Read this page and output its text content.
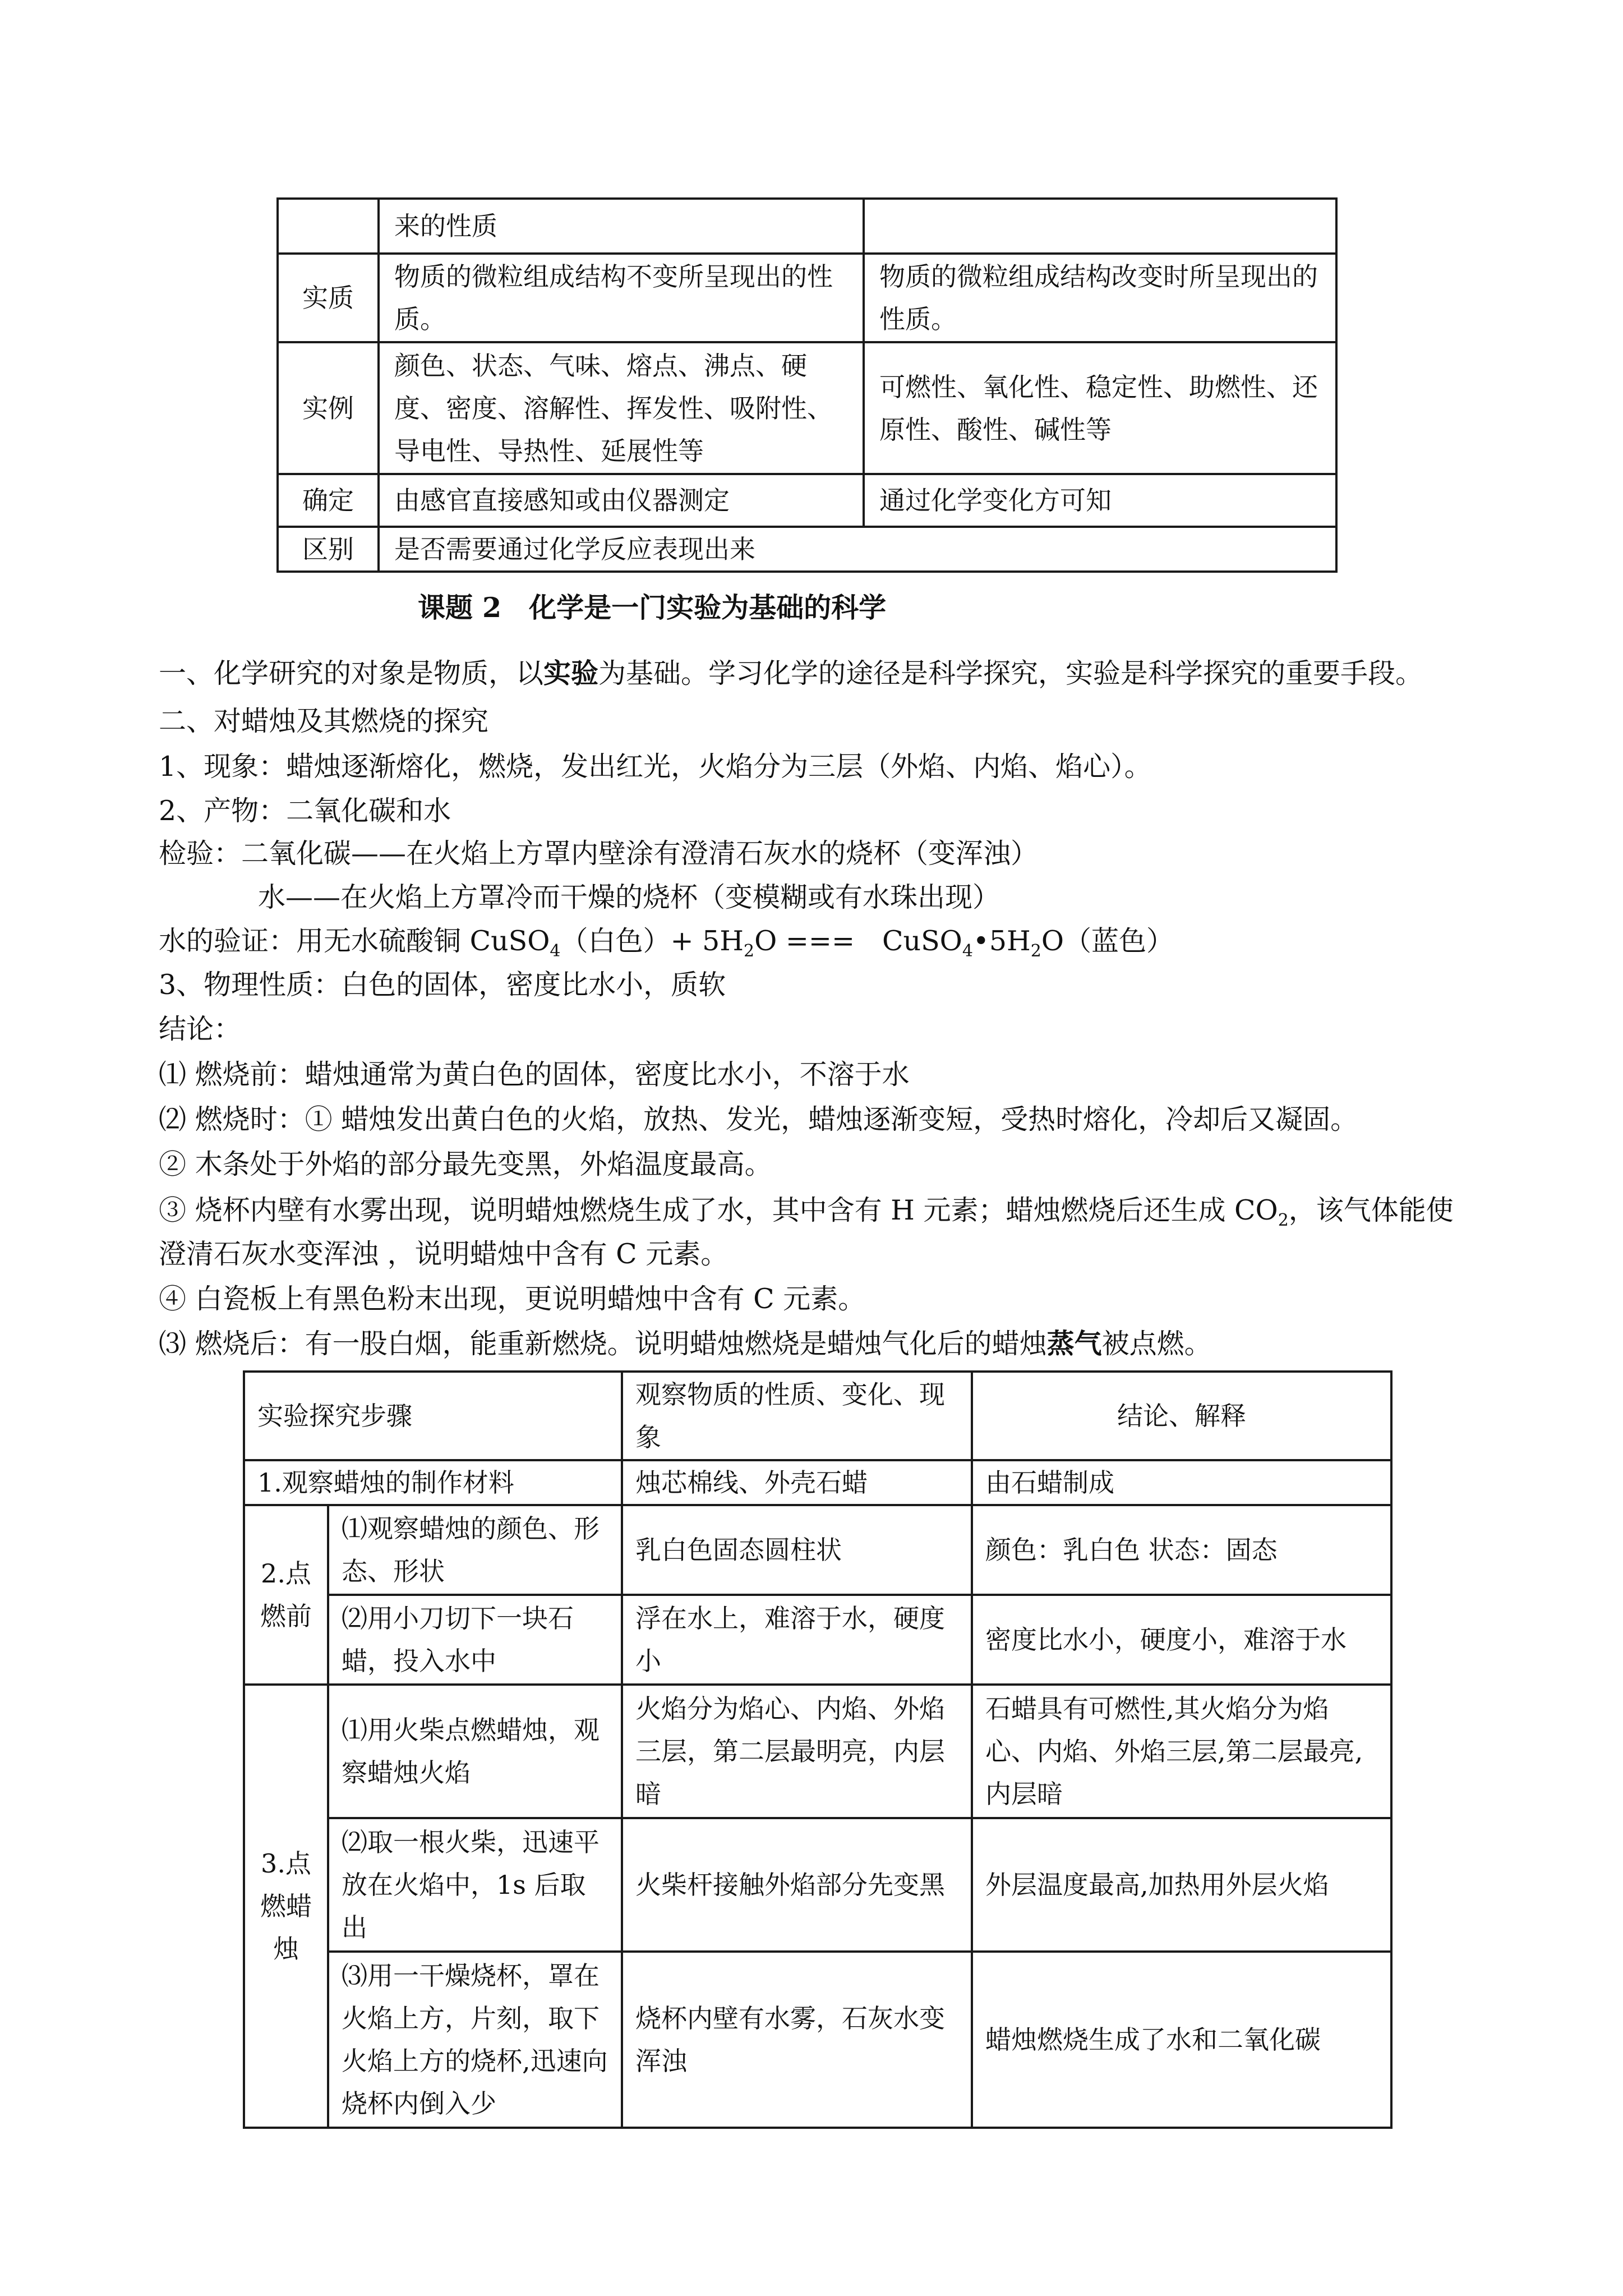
	来的性质	
实质	物质的微粒组成结构不变所呈现出的性质。	物质的微粒组成结构改变时所呈现出的性质。
实例	颜色、状态、气味、熔点、沸点、硬度、密度、溶解性、挥发性、吸附性、导电性、导热性、延展性等	可燃性、氧化性、稳定性、助燃性、还原性、酸性、碱性等
确定	由感官直接感知或由仪器测定	通过化学变化方可知
区别	是否需要通过化学反应表现出来	
课题 2　化学是一门实验为基础的科学
一、化学研究的对象是物质，以实验为基础。学习化学的途径是科学探究，实验是科学探究的重要手段。
二、对蜡烛及其燃烧的探究
1、现象：蜡烛逐渐熔化，燃烧，发出红光，火焰分为三层（外焰、内焰、焰心）。
2、产物：二氧化碳和水
检验：二氧化碳——在火焰上方罩内壁涂有澄清石灰水的烧杯（变浑浊）
水——在火焰上方罩冷而干燥的烧杯（变模糊或有水珠出现）
水的验证：用无水硫酸铜 CuSO$_4$（白色）+ $5H_2O$ ===　$CuSO_4•5H_2O$（蓝色）
3、物理性质：白色的固体，密度比水小，质软
结论：
⑴ 燃烧前：蜡烛通常为黄白色的固体，密度比水小，不溶于水
⑵ 燃烧时：① 蜡烛发出黄白色的火焰，放热、发光，蜡烛逐渐变短，受热时熔化，冷却后又凝固。
② 木条处于外焰的部分最先变黑，外焰温度最高。
③ 烧杯内壁有水雾出现，说明蜡烛燃烧生成了水，其中含有 H 元素；蜡烛燃烧后还生成 $CO_2$，该气体能使
澄清石灰水变浑浊 ，说明蜡烛中含有 C 元素。
④ 白瓷板上有黑色粉末出现，更说明蜡烛中含有 C 元素。
⑶ 燃烧后：有一股白烟，能重新燃烧。说明蜡烛燃烧是蜡烛气化后的蜡烛蒸气被点燃。
实验探究步骤		观察物质的性质、变化、现象	结论、解释
1.观察蜡烛的制作材料		烛芯棉线、外壳石蜡	由石蜡制成
2.点燃前	⑴观察蜡烛的颜色、形态、形状	乳白色固态圆柱状	颜色：乳白色 状态：固态
	⑵用小刀切下一块石蜡，投入水中	浮在水上，难溶于水，硬度小	密度比水小，硬度小，难溶于水
3.点燃蜡烛	⑴用火柴点燃蜡烛，观察蜡烛火焰	火焰分为焰心、内焰、外焰三层，第二层最明亮，内层暗	石蜡具有可燃性,其火焰分为焰心、内焰、外焰三层,第二层最亮,内层暗
	⑵取一根火柴，迅速平放在火焰中，1s 后取出	火柴杆接触外焰部分先变黑	外层温度最高,加热用外层火焰
	⑶用一干燥烧杯，罩在火焰上方，片刻，取下火焰上方的烧杯,迅速向烧杯内倒入少	烧杯内壁有水雾，石灰水变浑浊	蜡烛燃烧生成了水和二氧化碳
